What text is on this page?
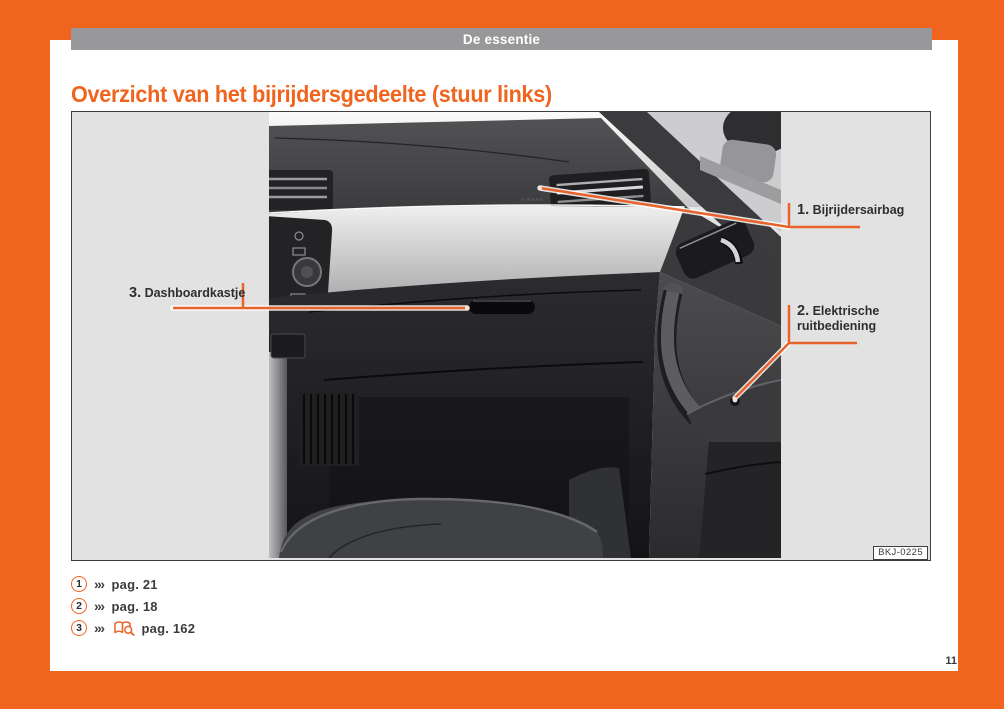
De essentie
Overzicht van het bijrijdersgedeelte (stuur links)
AIRBAG
1. Bijrijdersairbag
2. Elektrische ruitbediening
3. Dashboardkastje
BKJ-0225
1 ››› pag. 21
2 ››› pag. 18
3 ›››	pag. 162
11
